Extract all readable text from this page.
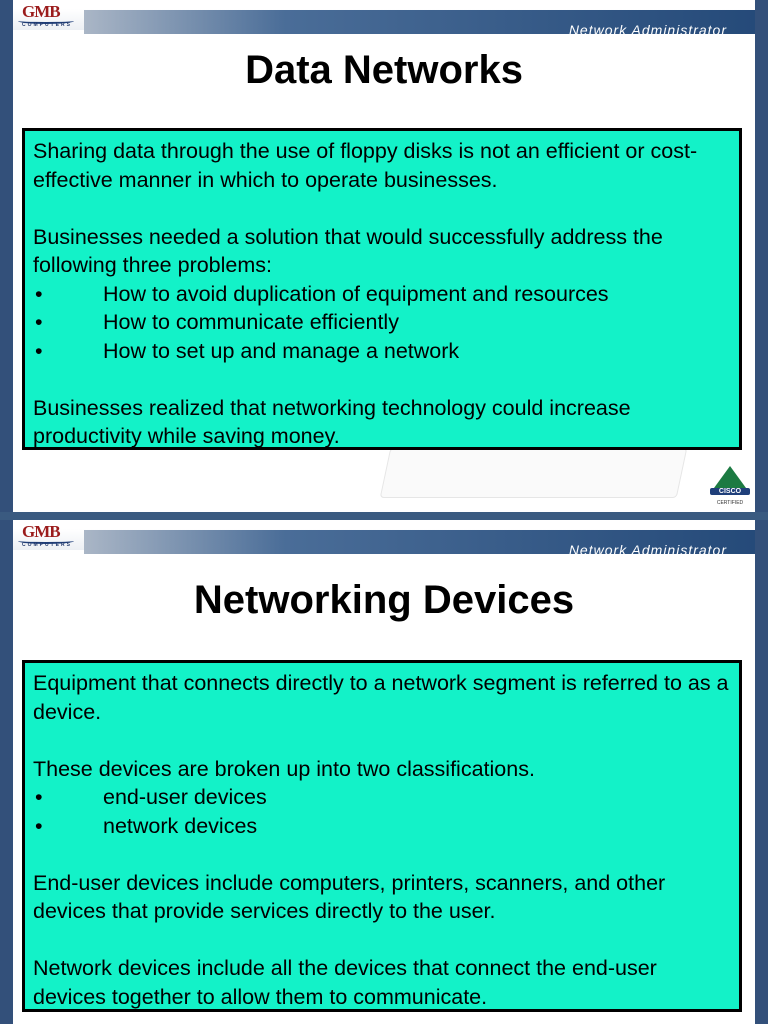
Network Administrator
GMB
COMPUTERS
Data Networks

Sharing data through the use of floppy disks is not an efficient or cost-effective manner in which to operate businesses.

Businesses needed a solution that would successfully address the following three problems:

•	How to avoid duplication of equipment and resources
•	How to communicate efficiently
•	How to set up and manage a network

Businesses realized that networking technology could increase productivity while saving money.

CISCO
CERTIFIED
Network Administrator
GMB
COMPUTERS
Networking Devices

Equipment that connects directly to a network segment is referred to as a device.

These devices are broken up into two classifications.

•	end-user devices
•	network devices

End-user devices include computers, printers, scanners, and other devices that provide services directly to the user.

Network devices include all the devices that connect the end-user devices together to allow them to communicate.
